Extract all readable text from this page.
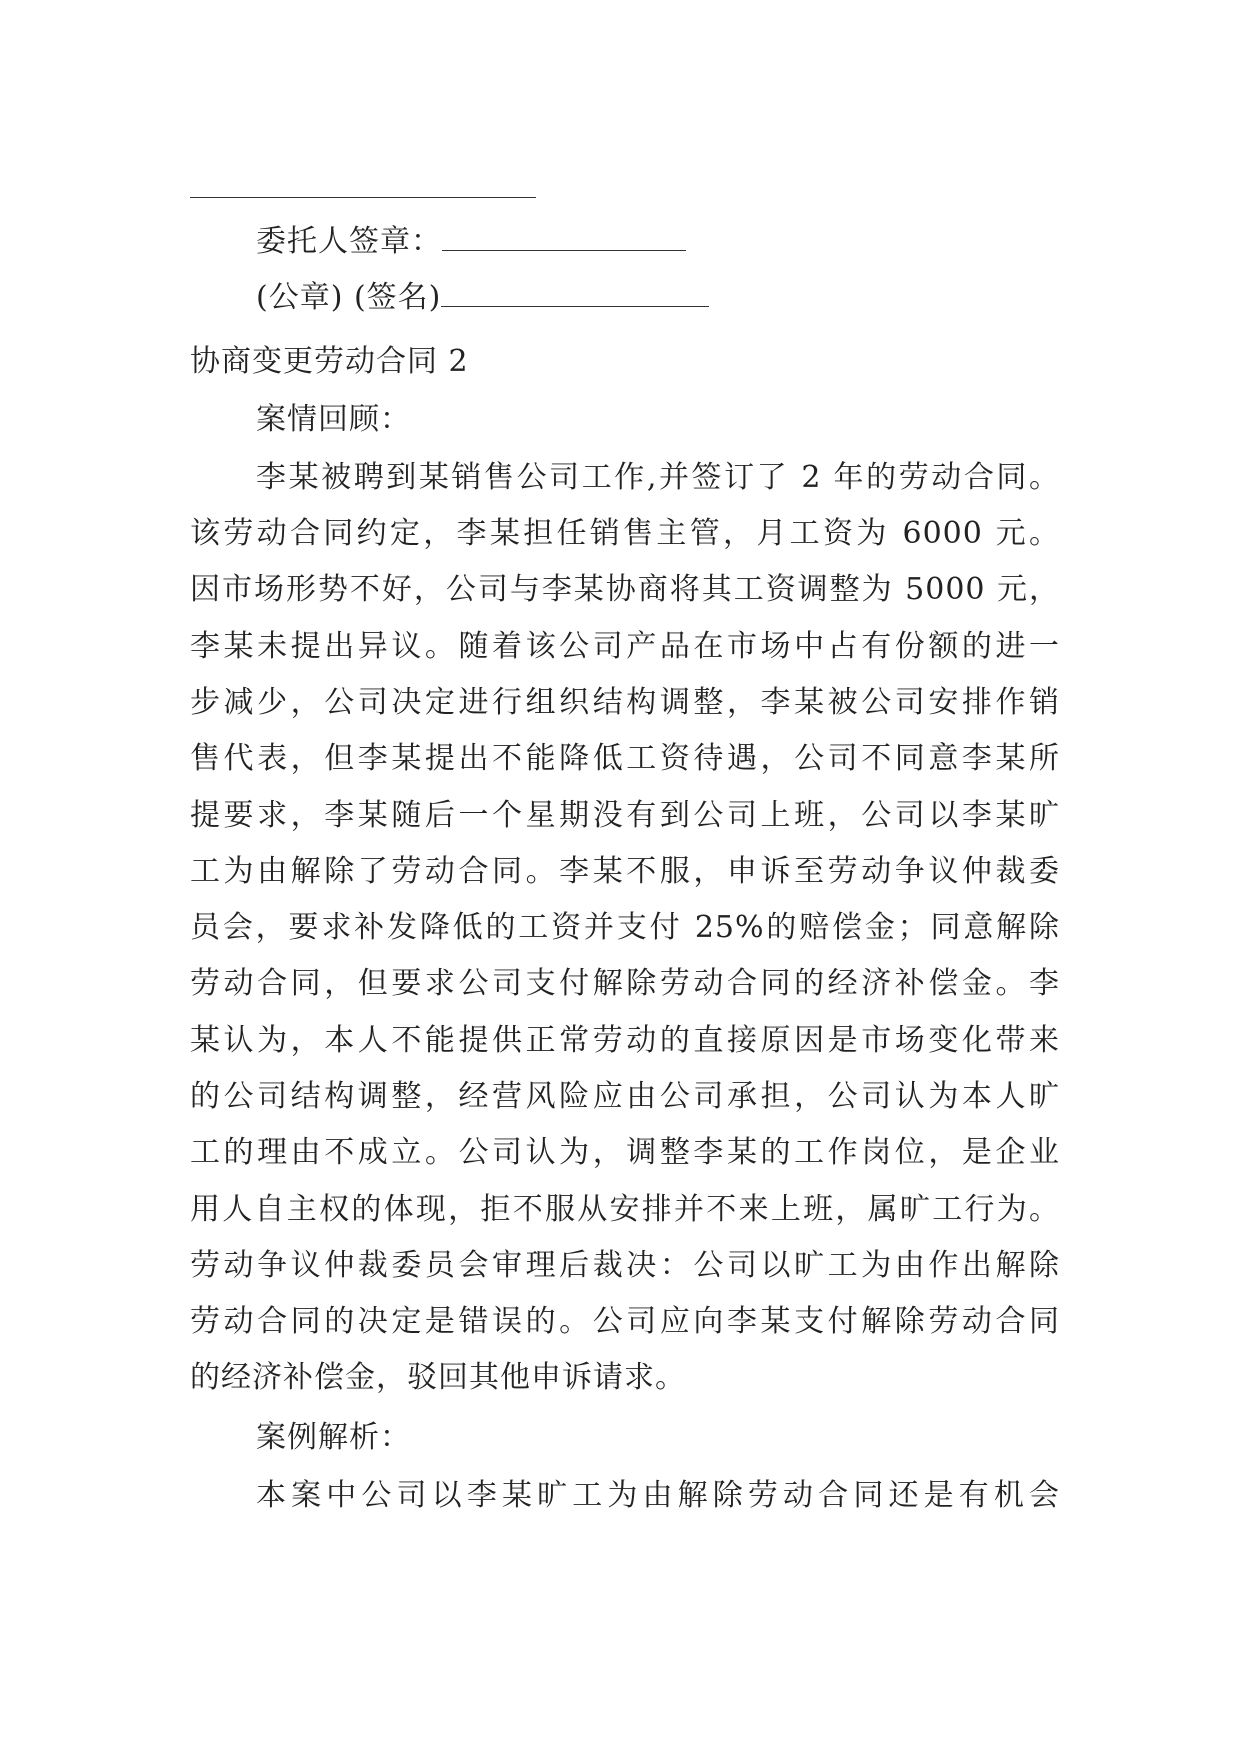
委托人签章：
(公章) (签名)
协商变更劳动合同 2
案情回顾：
李某被聘到某销售公司工作,并签订了 2 年的劳动合同。
该劳动合同约定，李某担任销售主管，月工资为 6000 元。
因市场形势不好，公司与李某协商将其工资调整为 5000 元，
李某未提出异议。随着该公司产品在市场中占有份额的进一
步减少，公司决定进行组织结构调整，李某被公司安排作销
售代表，但李某提出不能降低工资待遇，公司不同意李某所
提要求，李某随后一个星期没有到公司上班，公司以李某旷
工为由解除了劳动合同。李某不服，申诉至劳动争议仲裁委
员会，要求补发降低的工资并支付 25%的赔偿金；同意解除
劳动合同，但要求公司支付解除劳动合同的经济补偿金。李
某认为，本人不能提供正常劳动的直接原因是市场变化带来
的公司结构调整，经营风险应由公司承担，公司认为本人旷
工的理由不成立。公司认为，调整李某的工作岗位，是企业
用人自主权的体现，拒不服从安排并不来上班，属旷工行为。
劳动争议仲裁委员会审理后裁决：公司以旷工为由作出解除
劳动合同的决定是错误的。公司应向李某支付解除劳动合同
的经济补偿金，驳回其他申诉请求。
案例解析：
本案中公司以李某旷工为由解除劳动合同还是有机会
